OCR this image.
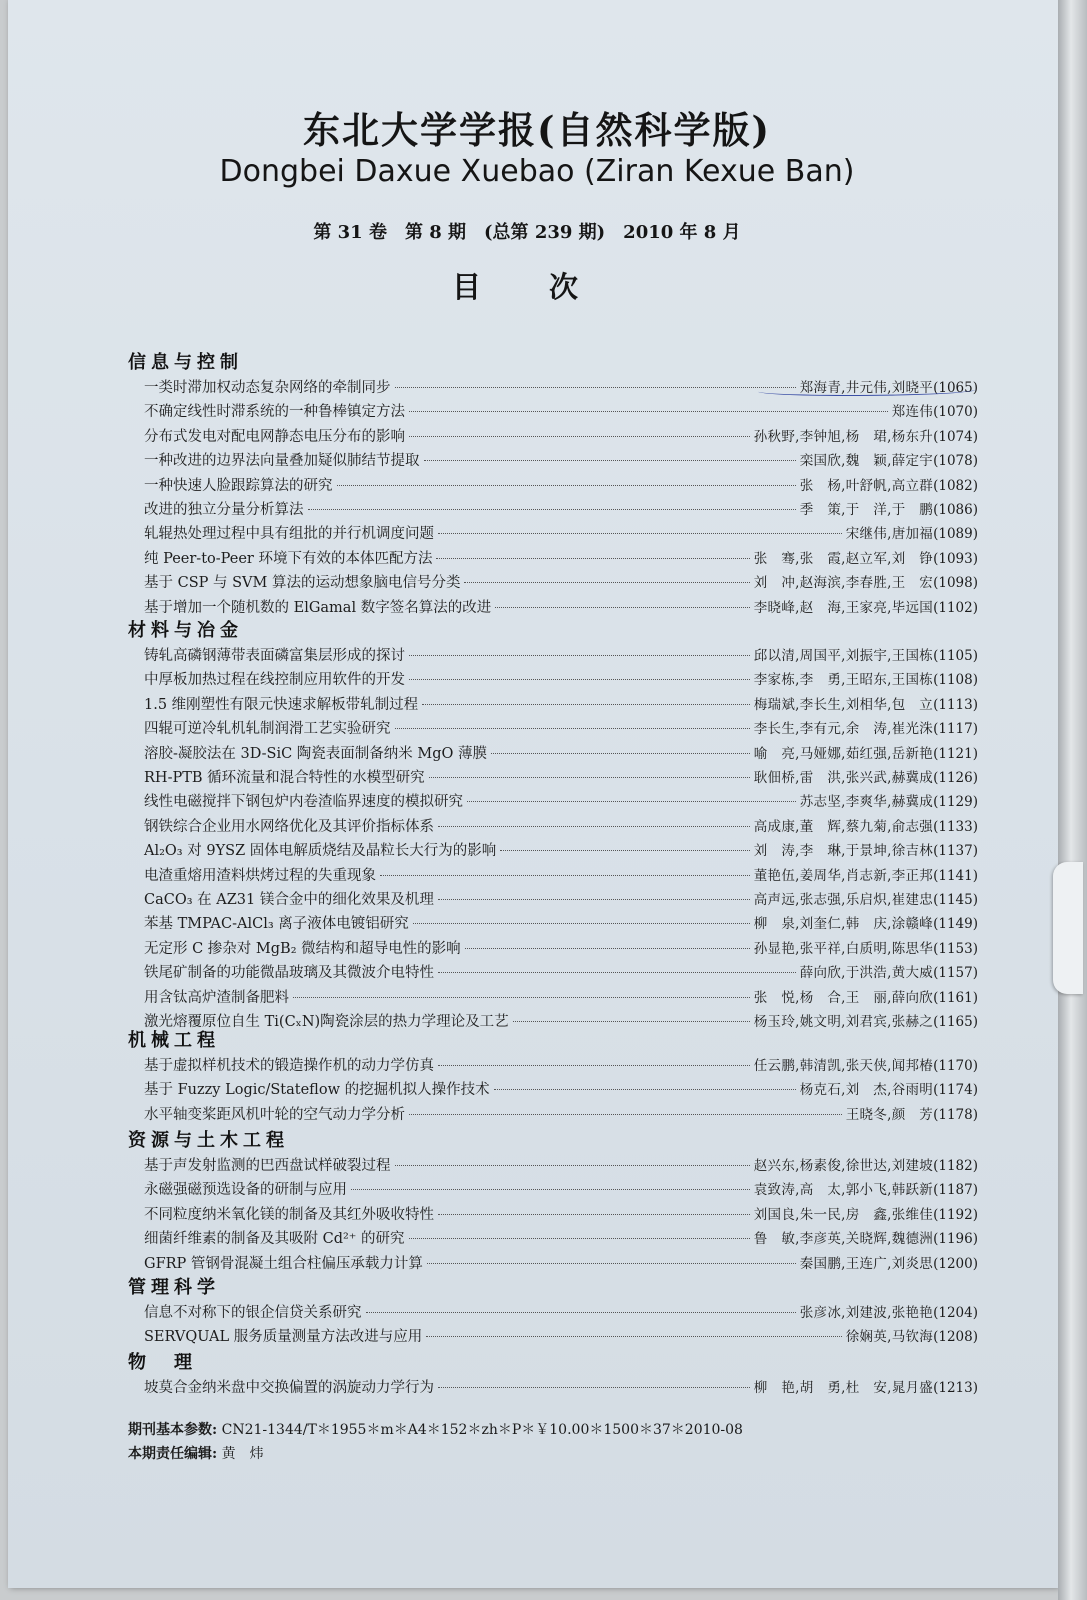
东北大学学报(自然科学版)
Dongbei Daxue Xuebao (Ziran Kexue Ban)
第 31 卷　第 8 期　(总第 239 期)　2010 年 8 月
目次
信息与控制
一类时滞加权动态复杂网络的牵制同步	郑海青,井元伟,刘晓平 (1065)
不确定线性时滞系统的一种鲁棒镇定方法	郑连伟 (1070)
分布式发电对配电网静态电压分布的影响	孙秋野,李钟旭,杨　珺,杨东升 (1074)
一种改进的边界法向量叠加疑似肺结节提取	栾国欣,魏　颖,薛定宇 (1078)
一种快速人脸跟踪算法的研究	张　杨,叶舒帆,高立群 (1082)
改进的独立分量分析算法	季　策,于　洋,于　鹏 (1086)
轧辊热处理过程中具有组批的并行机调度问题	宋继伟,唐加福 (1089)
纯 Peer-to-Peer 环境下有效的本体匹配方法	张　骞,张　霞,赵立军,刘　铮 (1093)
基于 CSP 与 SVM 算法的运动想象脑电信号分类	刘　冲,赵海滨,李春胜,王　宏 (1098)
基于增加一个随机数的 ElGamal 数字签名算法的改进	李晓峰,赵　海,王家亮,毕远国 (1102)
材料与冶金
铸轧高磷钢薄带表面磷富集层形成的探讨	邱以清,周国平,刘振宇,王国栋 (1105)
中厚板加热过程在线控制应用软件的开发	李家栋,李　勇,王昭东,王国栋 (1108)
1.5 维刚塑性有限元快速求解板带轧制过程	梅瑞斌,李长生,刘相华,包　立 (1113)
四辊可逆冷轧机轧制润滑工艺实验研究	李长生,李有元,余　涛,崔光洙 (1117)
溶胶-凝胶法在 3D-SiC 陶瓷表面制备纳米 MgO 薄膜	喻　亮,马娅娜,茹红强,岳新艳 (1121)
RH-PTB 循环流量和混合特性的水模型研究	耿佃桥,雷　洪,张兴武,赫冀成 (1126)
线性电磁搅拌下钢包炉内卷渣临界速度的模拟研究	苏志坚,李爽华,赫冀成 (1129)
钢铁综合企业用水网络优化及其评价指标体系	高成康,董　辉,蔡九菊,俞志强 (1133)
Al₂O₃ 对 9YSZ 固体电解质烧结及晶粒长大行为的影响	刘　涛,李　琳,于景坤,徐吉林 (1137)
电渣重熔用渣料烘烤过程的失重现象	董艳伍,姜周华,肖志新,李正邦 (1141)
CaCO₃ 在 AZ31 镁合金中的细化效果及机理	高声远,张志强,乐启炽,崔建忠 (1145)
苯基 TMPAC-AlCl₃ 离子液体电镀铝研究	柳　泉,刘奎仁,韩　庆,涂赣峰 (1149)
无定形 C 掺杂对 MgB₂ 微结构和超导电性的影响	孙显艳,张平祥,白质明,陈思华 (1153)
铁尾矿制备的功能微晶玻璃及其微波介电特性	薛向欣,于洪浩,黄大威 (1157)
用含钛高炉渣制备肥料	张　悦,杨　合,王　丽,薛向欣 (1161)
激光熔覆原位自生 Ti(CₓN)陶瓷涂层的热力学理论及工艺	杨玉玲,姚文明,刘君宾,张赫之 (1165)
机械工程
基于虚拟样机技术的锻造操作机的动力学仿真	任云鹏,韩清凯,张天侠,闻邦椿 (1170)
基于 Fuzzy Logic/Stateflow 的挖掘机拟人操作技术	杨克石,刘　杰,谷雨明 (1174)
水平轴变桨距风机叶轮的空气动力学分析	王晓冬,颜　芳 (1178)
资源与土木工程
基于声发射监测的巴西盘试样破裂过程	赵兴东,杨素俊,徐世达,刘建坡 (1182)
永磁强磁预选设备的研制与应用	袁致涛,高　太,郭小飞,韩跃新 (1187)
不同粒度纳米氧化镁的制备及其红外吸收特性	刘国良,朱一民,房　鑫,张维佳 (1192)
细菌纤维素的制备及其吸附 Cd²⁺ 的研究	鲁　敏,李彦英,关晓辉,魏德洲 (1196)
GFRP 管钢骨混凝土组合柱偏压承载力计算	秦国鹏,王连广,刘炎思 (1200)
管理科学
信息不对称下的银企信贷关系研究	张彦冰,刘建波,张艳艳 (1204)
SERVQUAL 服务质量测量方法改进与应用	徐娴英,马钦海 (1208)
物　理
坡莫合金纳米盘中交换偏置的涡旋动力学行为	柳　艳,胡　勇,杜　安,晁月盛 (1213)
期刊基本参数: CN21-1344/T＊1955＊m＊A4＊152＊zh＊P＊￥10.00＊1500＊37＊2010-08
本期责任编辑: 黄　炜
